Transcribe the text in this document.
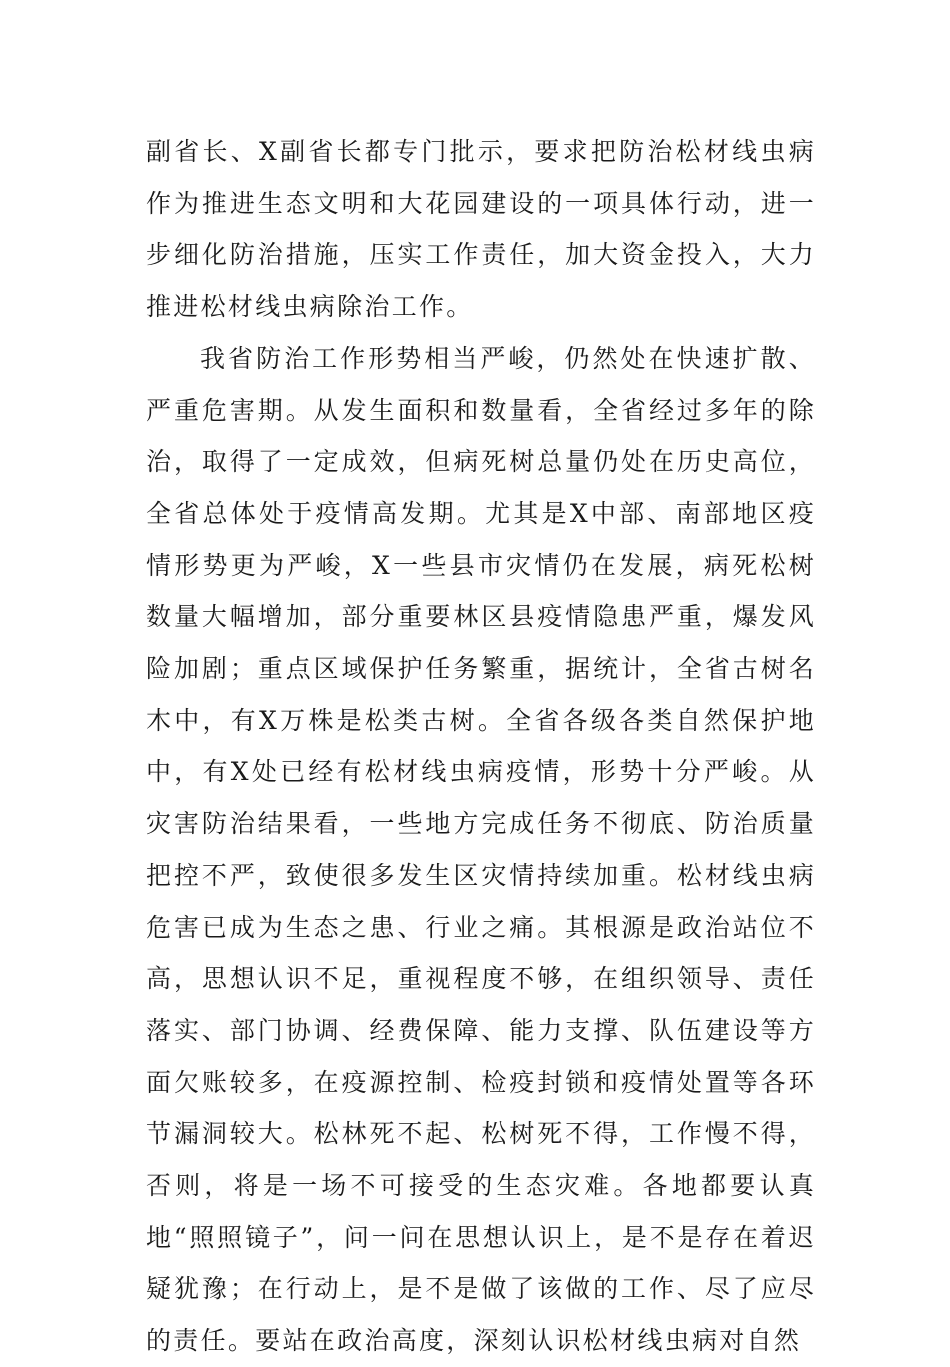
副省长、X副省长都专门批示，要求把防治松材线虫病作为推进生态文明和大花园建设的一项具体行动，进一步细化防治措施，压实工作责任，加大资金投入，大力推进松材线虫病除治工作。

我省防治工作形势相当严峻，仍然处在快速扩散、严重危害期。从发生面积和数量看，全省经过多年的除治，取得了一定成效，但病死树总量仍处在历史高位，全省总体处于疫情高发期。尤其是X中部、南部地区疫情形势更为严峻，X一些县市灾情仍在发展，病死松树数量大幅增加，部分重要林区县疫情隐患严重，爆发风险加剧；重点区域保护任务繁重，据统计，全省古树名木中，有X万株是松类古树。全省各级各类自然保护地中，有X处已经有松材线虫病疫情，形势十分严峻。从灾害防治结果看，一些地方完成任务不彻底、防治质量把控不严，致使很多发生区灾情持续加重。松材线虫病危害已成为生态之患、行业之痛。其根源是政治站位不高，思想认识不足，重视程度不够，在组织领导、责任落实、部门协调、经费保障、能力支撑、队伍建设等方面欠账较多，在疫源控制、检疫封锁和疫情处置等各环节漏洞较大。松林死不起、松树死不得，工作慢不得，否则，将是一场不可接受的生态灾难。各地都要认真地“照照镜子”，问一问在思想认识上，是不是存在着迟疑犹豫；在行动上，是不是做了该做的工作、尽了应尽的责任。要站在政治高度，深刻认识松材线虫病对自然
